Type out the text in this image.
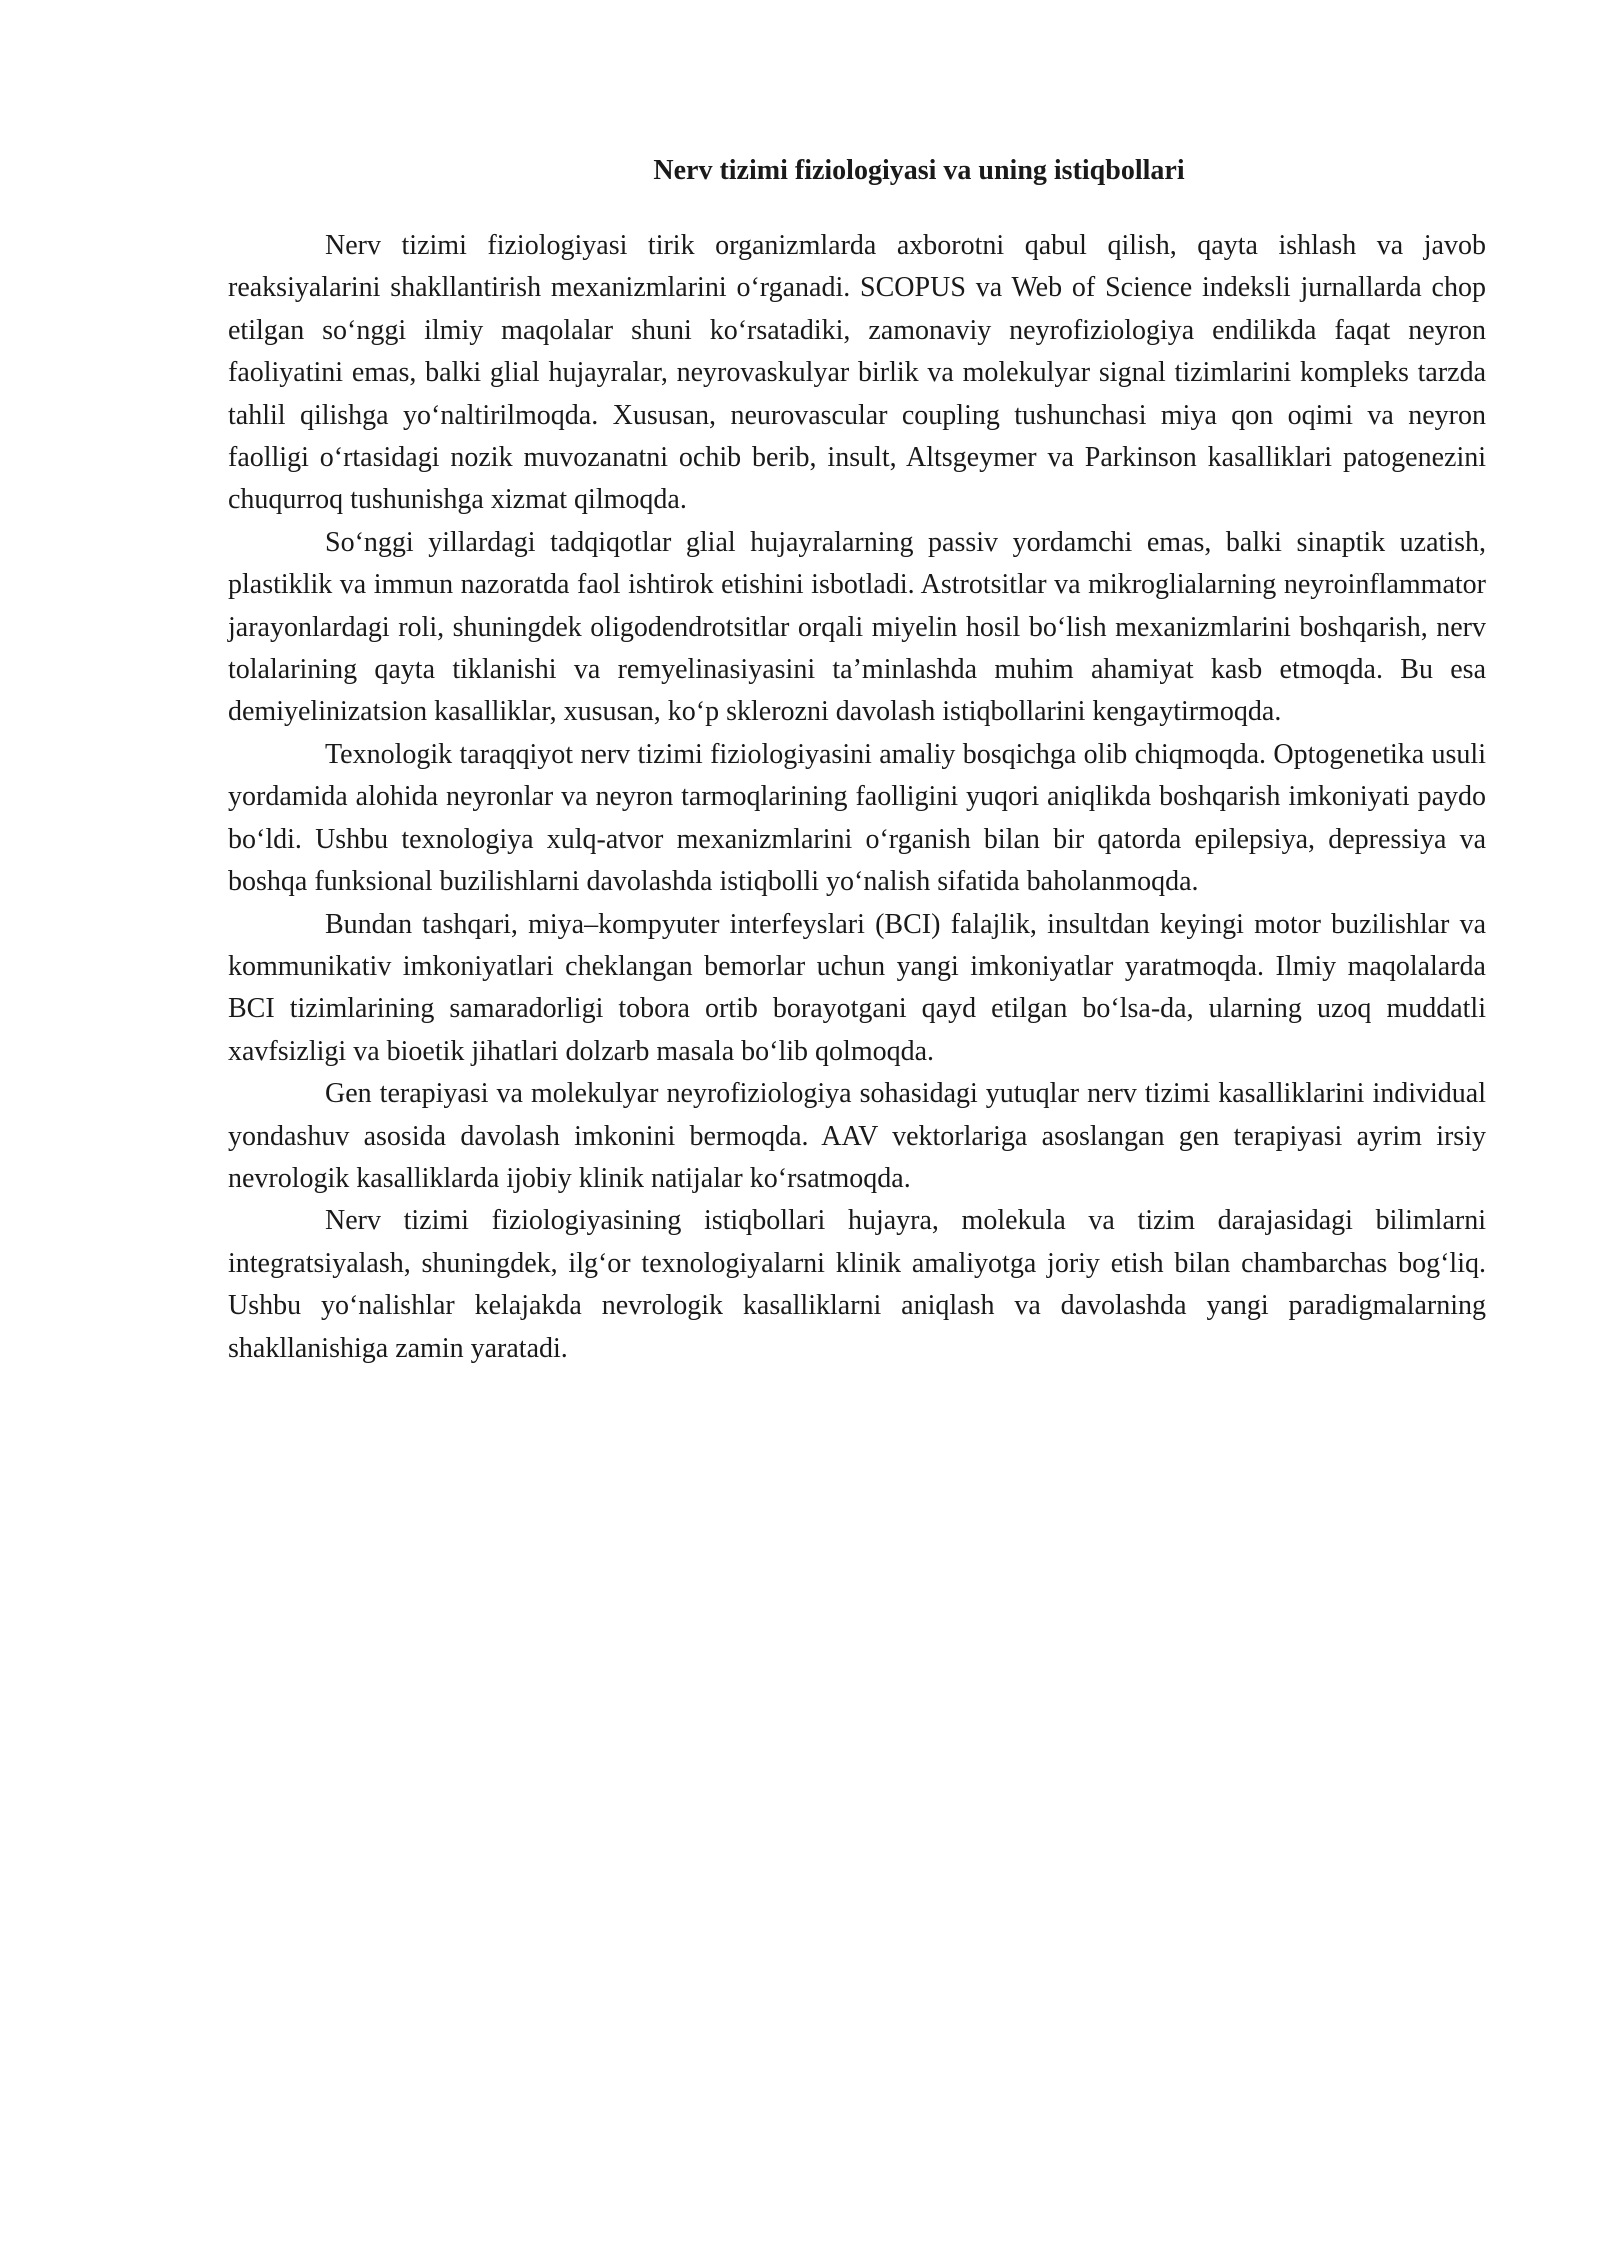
Nerv tizimi fiziologiyasi va uning istiqbollari

Nerv tizimi fiziologiyasi tirik organizmlarda axborotni qabul qilish, qayta ishlash va javob reaksiyalarini shakllantirish mexanizmlarini oʻrganadi. SCOPUS va Web of Science indeksli jurnallarda chop etilgan soʻnggi ilmiy maqolalar shuni koʻrsatadiki, zamonaviy neyrofiziologiya endilikda faqat neyron faoliyatini emas, balki glial hujayralar, neyrovaskulyar birlik va molekulyar signal tizimlarini kompleks tarzda tahlil qilishga yoʻnaltirilmoqda. Xususan, neurovascular coupling tushunchasi miya qon oqimi va neyron faolligi oʻrtasidagi nozik muvozanatni ochib berib, insult, Altsgeymer va Parkinson kasalliklari patogenezini chuqurroq tushunishga xizmat qilmoqda.

Soʻnggi yillardagi tadqiqotlar glial hujayralarning passiv yordamchi emas, balki sinaptik uzatish, plastiklik va immun nazoratda faol ishtirok etishini isbotladi. Astrotsitlar va mikroglialarning neyroinflammator jarayonlardagi roli, shuningdek oligodendrotsitlar orqali miyelin hosil boʻlish mexanizmlarini boshqarish, nerv tolalarining qayta tiklanishi va remyelinasiyasini taʼminlashda muhim ahamiyat kasb etmoqda. Bu esa demiyelinizatsion kasalliklar, xususan, koʻp sklerozni davolash istiqbollarini kengaytirmoqda.

Texnologik taraqqiyot nerv tizimi fiziologiyasini amaliy bosqichga olib chiqmoqda. Optogenetika usuli yordamida alohida neyronlar va neyron tarmoqlarining faolligini yuqori aniqlikda boshqarish imkoniyati paydo boʻldi. Ushbu texnologiya xulq-atvor mexanizmlarini oʻrganish bilan bir qatorda epilepsiya, depressiya va boshqa funksional buzilishlarni davolashda istiqbolli yoʻnalish sifatida baholanmoqda.

Bundan tashqari, miya–kompyuter interfeyslari (BCI) falajlik, insultdan keyingi motor buzilishlar va kommunikativ imkoniyatlari cheklangan bemorlar uchun yangi imkoniyatlar yaratmoqda. Ilmiy maqolalarda BCI tizimlarining samaradorligi tobora ortib borayotgani qayd etilgan boʻlsa-da, ularning uzoq muddatli xavfsizligi va bioetik jihatlari dolzarb masala boʻlib qolmoqda.

Gen terapiyasi va molekulyar neyrofiziologiya sohasidagi yutuqlar nerv tizimi kasalliklarini individual yondashuv asosida davolash imkonini bermoqda. AAV vektorlariga asoslangan gen terapiyasi ayrim irsiy nevrologik kasalliklarda ijobiy klinik natijalar koʻrsatmoqda.

Nerv tizimi fiziologiyasining istiqbollari hujayra, molekula va tizim darajasidagi bilimlarni integratsiyalash, shuningdek, ilgʻor texnologiyalarni klinik amaliyotga joriy etish bilan chambarchas bogʻliq. Ushbu yoʻnalishlar kelajakda nevrologik kasalliklarni aniqlash va davolashda yangi paradigmalarning shakllanishiga zamin yaratadi.
